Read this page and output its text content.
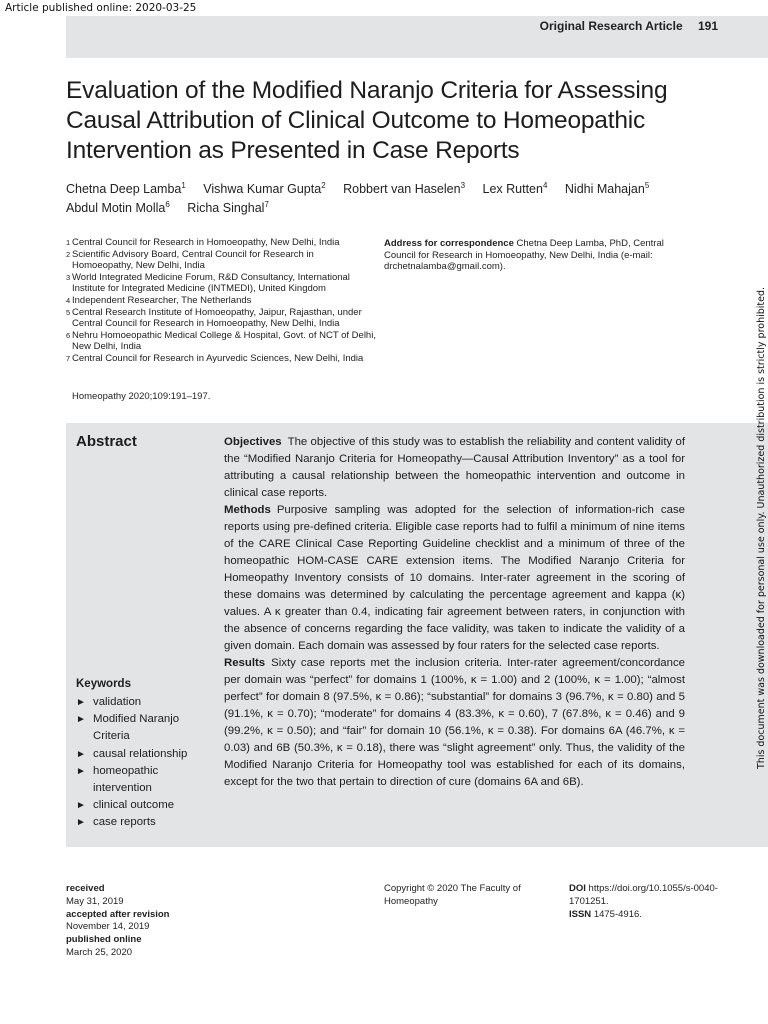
Article published online: 2020-03-25
Original Research Article 191
Evaluation of the Modified Naranjo Criteria for Assessing Causal Attribution of Clinical Outcome to Homeopathic Intervention as Presented in Case Reports
Chetna Deep Lamba$^1$ Vishwa Kumar Gupta$^2$ Robbert van Haselen$^3$ Lex Rutten$^4$ Nidhi Mahajan$^5$
Abdul Motin Molla$^6$ Richa Singhal$^7$
1 Central Council for Research in Homoeopathy, New Delhi, India
2 Scientific Advisory Board, Central Council for Research in Homoeopathy, New Delhi, India
3 World Integrated Medicine Forum, R&D Consultancy, International Institute for Integrated Medicine (INTMEDI), United Kingdom
4 Independent Researcher, The Netherlands
5 Central Research Institute of Homoeopathy, Jaipur, Rajasthan, under Central Council for Research in Homoeopathy, New Delhi, India
6 Nehru Homoeopathic Medical College & Hospital, Govt. of NCT of Delhi, New Delhi, India
7 Central Council for Research in Ayurvedic Sciences, New Delhi, India
Address for correspondence Chetna Deep Lamba, PhD, Central Council for Research in Homoeopathy, New Delhi, India (e-mail: drchetnalamba@gmail.com).
Homeopathy 2020;109:191–197.
Abstract	Objectives The objective of this study was to establish the reliability and content validity of the “Modified Naranjo Criteria for Homeopathy—Causal Attribution Inventory” as a tool for attributing a causal relationship between the homeopathic intervention and outcome in clinical case reports.

Methods Purposive sampling was adopted for the selection of information-rich case reports using pre-defined criteria. Eligible case reports had to fulfil a minimum of nine items of the CARE Clinical Case Reporting Guideline checklist and a minimum of three of the homeopathic HOM-CASE CARE extension items. The Modified Naranjo Criteria for Homeopathy Inventory consists of 10 domains. Inter-rater agreement in the scoring of these domains was determined by calculating the percentage agreement and kappa (κ) values. A κ greater than 0.4, indicating fair agreement between raters, in conjunction with the absence of concerns regarding the face validity, was taken to indicate the validity of a given domain. Each domain was assessed by four raters for the selected case reports.

Results Sixty case reports met the inclusion criteria. Inter-rater agreement/concordance per domain was “perfect” for domains 1 (100%, κ = 1.00) and 2 (100%, κ = 1.00); “almost perfect” for domain 8 (97.5%, κ = 0.86); “substantial” for domains 3 (96.7%, κ = 0.80) and 5 (91.1%, κ = 0.70); “moderate” for domains 4 (83.3%, κ = 0.60), 7 (67.8%, κ = 0.46) and 9 (99.2%, κ = 0.50); and “fair” for domain 10 (56.1%, κ = 0.38). For domains 6A (46.7%, κ = 0.03) and 6B (50.3%, κ = 0.18), there was “slight agreement” only. Thus, the validity of the Modified Naranjo Criteria for Homeopathy tool was established for each of its domains, except for the two that pertain to direction of cure (domains 6A and 6B).

Keywords
► validation
► Modified Naranjo Criteria
► causal relationship
► homeopathic intervention
► clinical outcome
► case reports
This document was downloaded for personal use only. Unauthorized distribution is strictly prohibited.
received
May 31, 2019
accepted after revision
November 14, 2019
published online
March 25, 2020
Copyright © 2020 The Faculty of Homeopathy
DOI https://doi.org/10.1055/s-0040-1701251.
ISSN 1475-4916.
